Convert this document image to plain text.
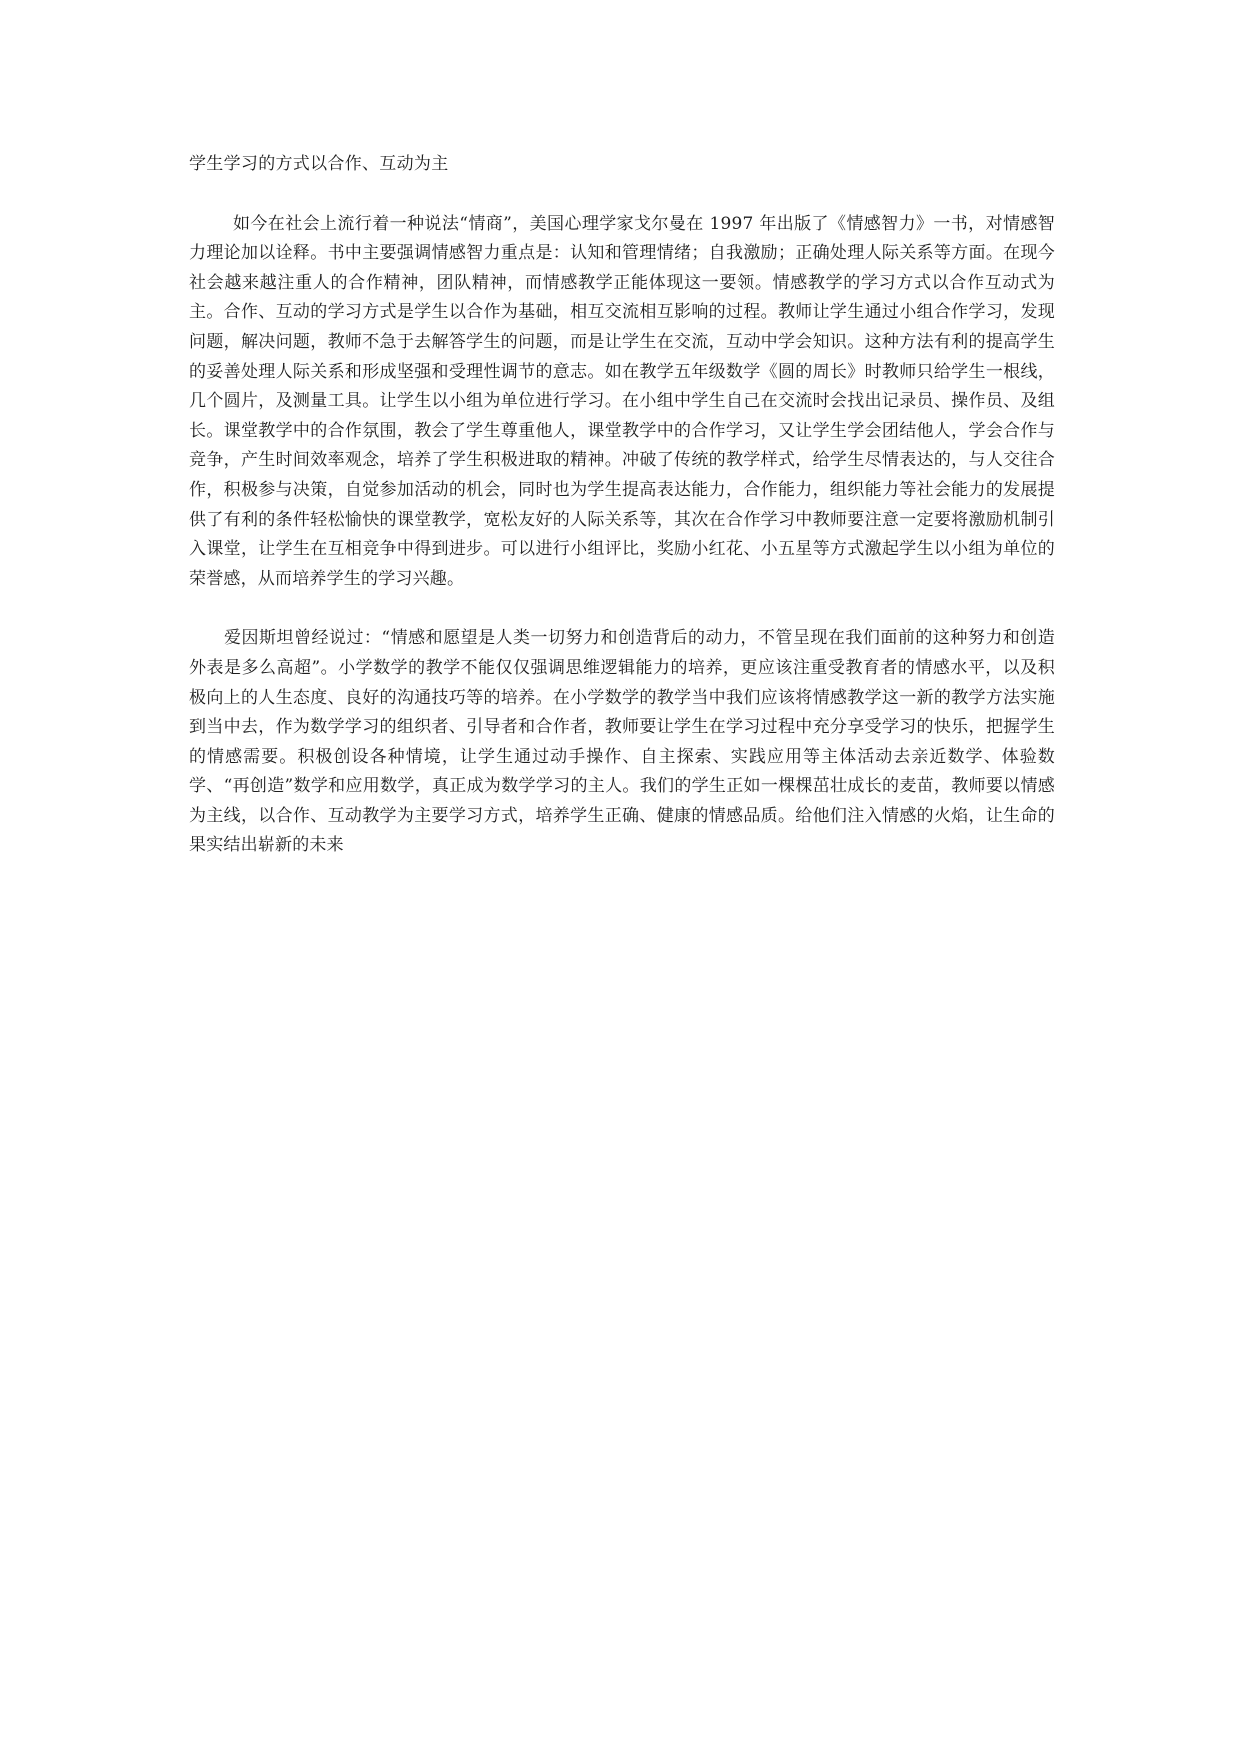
学生学习的方式以合作、互动为主

如今在社会上流行着一种说法“情商”，美国心理学家戈尔曼在 1997 年出版了《情感智力》一书，对情感智力理论加以诠释。书中主要强调情感智力重点是：认知和管理情绪；自我激励；正确处理人际关系等方面。在现今社会越来越注重人的合作精神，团队精神，而情感教学正能体现这一要领。情感教学的学习方式以合作互动式为主。合作、互动的学习方式是学生以合作为基础，相互交流相互影响的过程。教师让学生通过小组合作学习，发现问题，解决问题，教师不急于去解答学生的问题，而是让学生在交流，互动中学会知识。这种方法有利的提高学生的妥善处理人际关系和形成坚强和受理性调节的意志。如在教学五年级数学《圆的周长》时教师只给学生一根线，几个圆片，及测量工具。让学生以小组为单位进行学习。在小组中学生自己在交流时会找出记录员、操作员、及组长。课堂教学中的合作氛围，教会了学生尊重他人，课堂教学中的合作学习，又让学生学会团结他人，学会合作与竞争，产生时间效率观念，培养了学生积极进取的精神。冲破了传统的教学样式，给学生尽情表达的，与人交往合作，积极参与决策，自觉参加活动的机会，同时也为学生提高表达能力，合作能力，组织能力等社会能力的发展提供了有利的条件轻松愉快的课堂教学，宽松友好的人际关系等，其次在合作学习中教师要注意一定要将激励机制引入课堂，让学生在互相竞争中得到进步。可以进行小组评比，奖励小红花、小五星等方式激起学生以小组为单位的荣誉感，从而培养学生的学习兴趣。

爱因斯坦曾经说过：“情感和愿望是人类一切努力和创造背后的动力，不管呈现在我们面前的这种努力和创造外表是多么高超”。小学数学的教学不能仅仅强调思维逻辑能力的培养，更应该注重受教育者的情感水平，以及积极向上的人生态度、良好的沟通技巧等的培养。在小学数学的教学当中我们应该将情感教学这一新的教学方法实施到当中去，作为数学学习的组织者、引导者和合作者，教师要让学生在学习过程中充分享受学习的快乐，把握学生的情感需要。积极创设各种情境，让学生通过动手操作、自主探索、实践应用等主体活动去亲近数学、体验数学、“再创造”数学和应用数学，真正成为数学学习的主人。我们的学生正如一棵棵茁壮成长的麦苗，教师要以情感为主线，以合作、互动教学为主要学习方式，培养学生正确、健康的情感品质。给他们注入情感的火焰，让生命的果实结出崭新的未来
